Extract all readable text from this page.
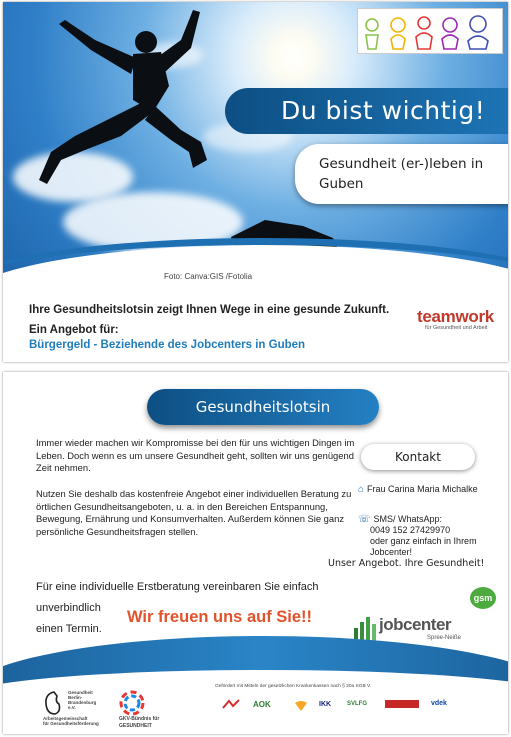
Du bist wichtig!
Gesundheit (er-)leben in
Guben
Foto: Canva:GIS /Fotolia
Ihre Gesundheitslotsin zeigt Ihnen Wege in eine gesunde Zukunft.
Ein Angebot für:
Bürgergeld - Beziehende des Jobcenters in Guben
teamwork
für Gesundheit und Arbeit
Gesundheitslotsin
Immer wieder machen wir Kompromisse bei den für uns wichtigen Dingen im Leben. Doch wenn es um unsere Gesundheit geht, sollten wir uns genügend Zeit nehmen.
Nutzen Sie deshalb das kostenfreie Angebot einer individuellen Beratung zu örtlichen Gesundheitsangeboten, u. a. in den Bereichen Entspannung, Bewegung, Ernährung und Konsumverhalten. Außerdem können Sie ganz persönliche Gesundheitsfragen stellen.
Kontakt
⌂ Frau Carina Maria Michalke
☏ SMS/ WhatsApp:
0049 152 27429970
oder ganz einfach in Ihrem Jobcenter!
Unser Angebot. Ihre Gesundheit!
Für eine individuelle Erstberatung vereinbaren Sie einfach unverbindlich
einen Termin.
Wir freuen uns auf Sie!!
gsm
jobcenter
Spree-Neiße
Gefördert mit Mitteln der gesetzlichen Krankenkassen nach § 20a SGB V.
Gesundheit
Berlin-Brandenburg e.V.
Arbeitsgemeinschaft
für Gesundheitsförderung
GKV-Bündnis für
GESUNDHEIT
AOK	IKK	SVLFG	vdek
